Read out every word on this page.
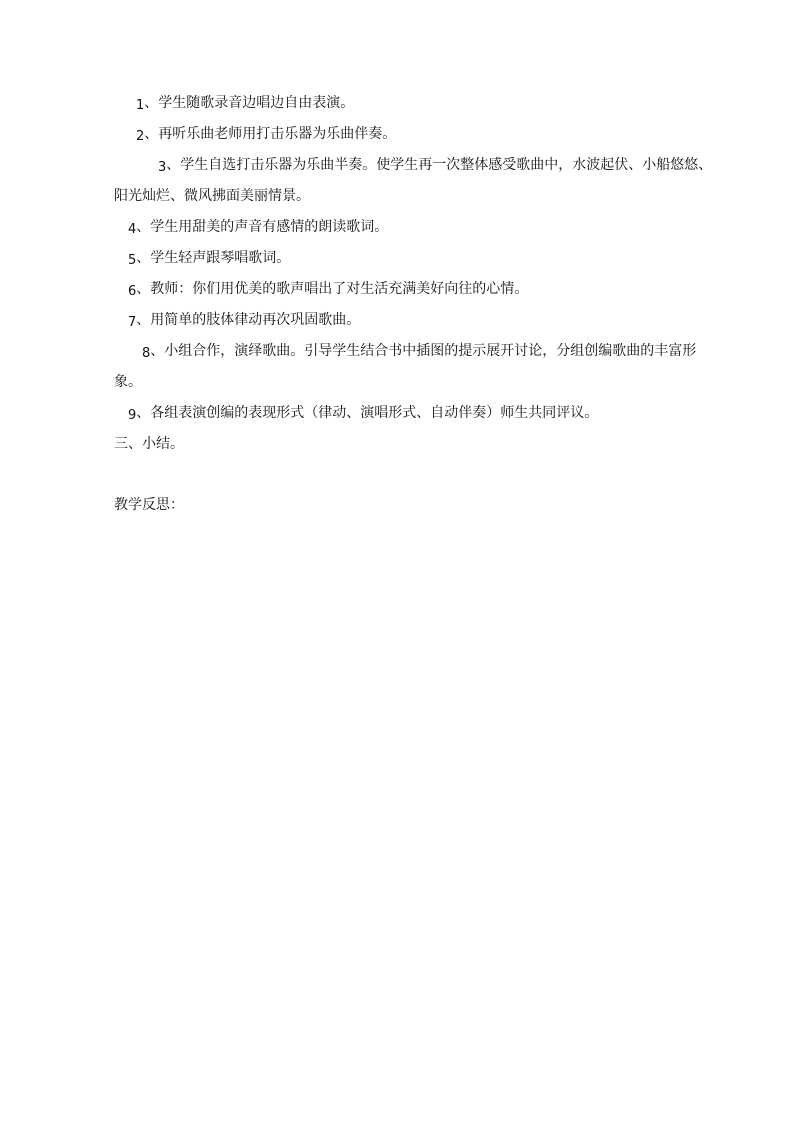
1、学生随歌录音边唱边自由表演。
2、再听乐曲老师用打击乐器为乐曲伴奏。
3、学生自选打击乐器为乐曲半奏。使学生再一次整体感受歌曲中，水波起伏、小船悠悠、阳光灿烂、微风拂面美丽情景。
4、学生用甜美的声音有感情的朗读歌词。
5、学生轻声跟琴唱歌词。
6、教师：你们用优美的歌声唱出了对生活充满美好向往的心情。
7、用简单的肢体律动再次巩固歌曲。
8、小组合作，演绎歌曲。引导学生结合书中插图的提示展开讨论，分组创编歌曲的丰富形象。
9、各组表演创编的表现形式（律动、演唱形式、自动伴奏）师生共同评议。
三、小结。
教学反思：
